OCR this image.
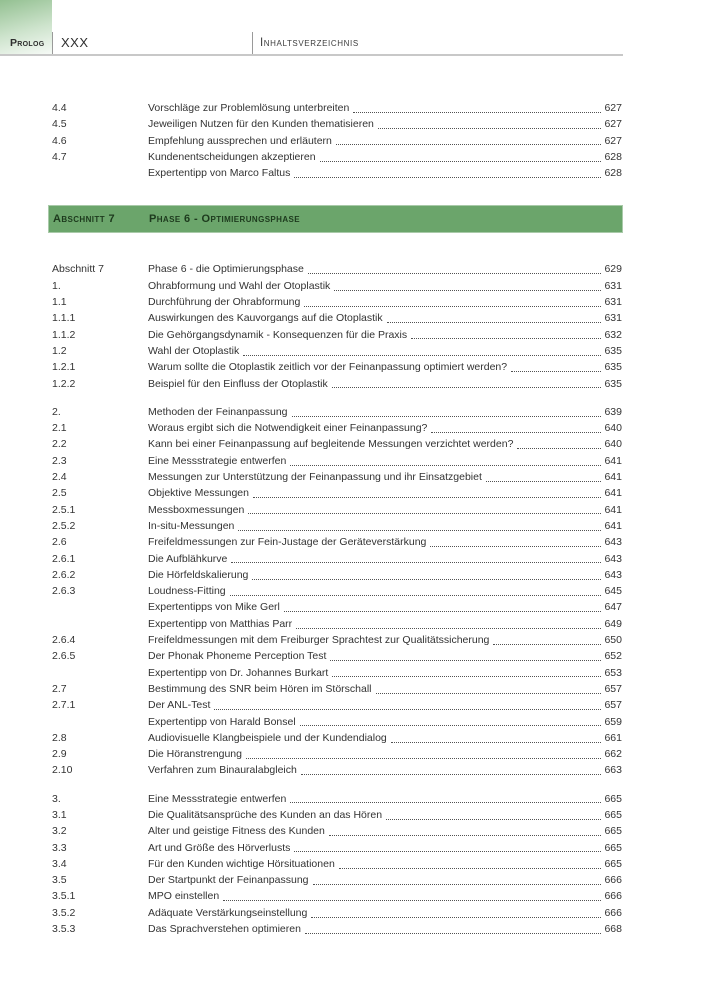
Prolog XXX	Inhaltsverzeichnis
4.4	Vorschläge zur Problemlösung unterbreiten	627
4.5	Jeweiligen Nutzen für den Kunden thematisieren	627
4.6	Empfehlung aussprechen und erläutern	627
4.7	Kundenentscheidungen akzeptieren	628
Expertentipp von Marco Faltus	628
Abschnitt 7	Phase 6 - Optimierungsphase
Abschnitt 7	Phase 6 - die Optimierungsphase	629
1.	Ohrabformung und Wahl der Otoplastik	631
1.1	Durchführung der Ohrabformung	631
1.1.1	Auswirkungen des Kauvorgangs auf die Otoplastik	631
1.1.2	Die Gehörgangsdynamik - Konsequenzen für die Praxis	632
1.2	Wahl der Otoplastik	635
1.2.1	Warum sollte die Otoplastik zeitlich vor der Feinanpassung optimiert werden?	635
1.2.2	Beispiel für den Einfluss der Otoplastik	635
2.	Methoden der Feinanpassung	639
2.1	Woraus ergibt sich die Notwendigkeit einer Feinanpassung?	640
2.2	Kann bei einer Feinanpassung auf begleitende Messungen verzichtet werden?	640
2.3	Eine Messstrategie entwerfen	641
2.4	Messungen zur Unterstützung der Feinanpassung und ihr Einsatzgebiet	641
2.5	Objektive Messungen	641
2.5.1	Messboxmessungen	641
2.5.2	In-situ-Messungen	641
2.6	Freifeldmessungen zur Fein-Justage der Geräteverstärkung	643
2.6.1	Die Aufblähkurve	643
2.6.2	Die Hörfeldskalierung	643
2.6.3	Loudness-Fitting	645
Expertentipps von Mike Gerl	647
Expertentipp von Matthias Parr	649
2.6.4	Freifeldmessungen mit dem Freiburger Sprachtest zur Qualitätssicherung	650
2.6.5	Der Phonak Phoneme Perception Test	652
Expertentipp von Dr. Johannes Burkart	653
2.7	Bestimmung des SNR beim Hören im Störschall	657
2.7.1	Der ANL-Test	657
Expertentipp von Harald Bonsel	659
2.8	Audiovisuelle Klangbeispiele und der Kundendialog	661
2.9	Die Höranstrengung	662
2.10	Verfahren zum Binauralabgleich	663
3.	Eine Messstrategie entwerfen	665
3.1	Die Qualitätsansprüche des Kunden an das Hören	665
3.2	Alter und geistige Fitness des Kunden	665
3.3	Art und Größe des Hörverlusts	665
3.4	Für den Kunden wichtige Hörsituationen	665
3.5	Der Startpunkt der Feinanpassung	666
3.5.1	MPO einstellen	666
3.5.2	Adäquate Verstärkungseinstellung	666
3.5.3	Das Sprachverstehen optimieren	668
